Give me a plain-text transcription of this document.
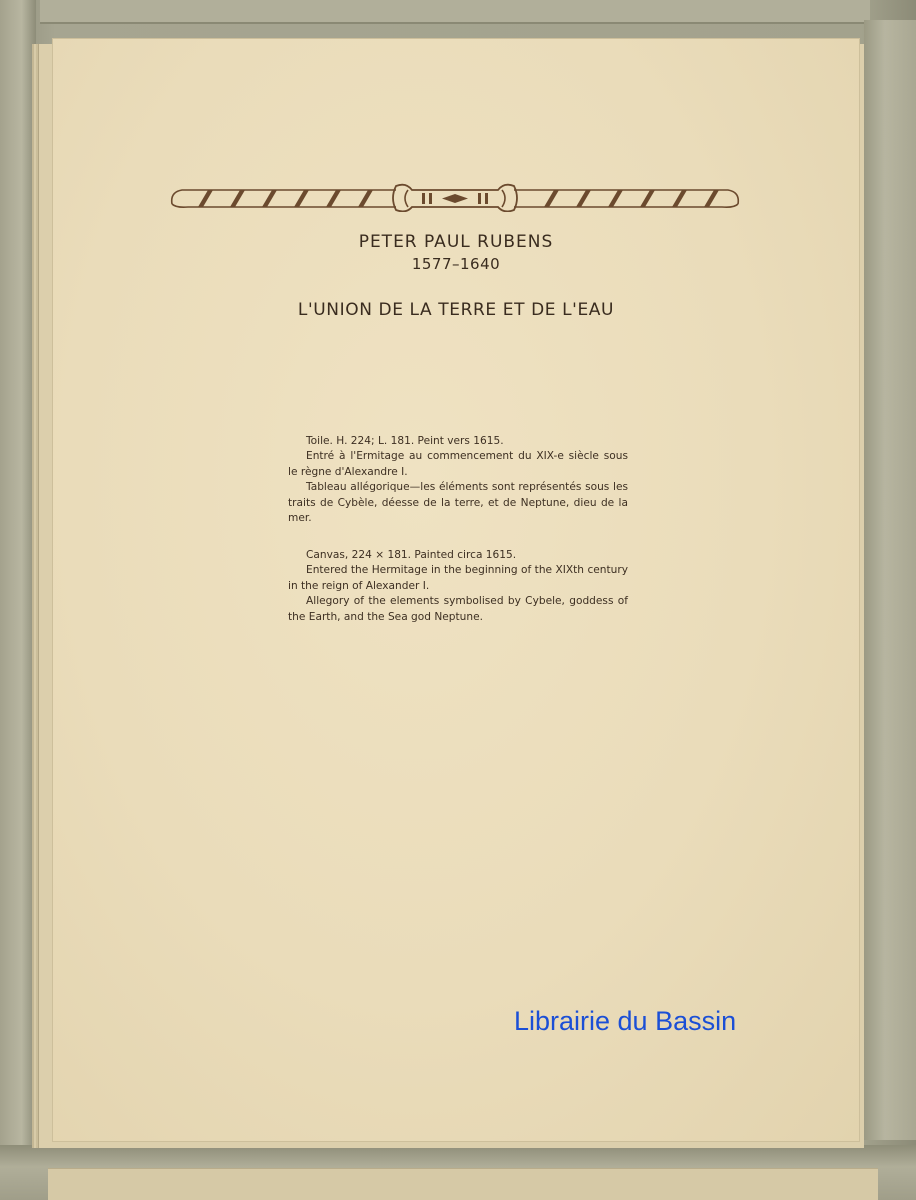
PETER PAUL RUBENS
1577–1640
L'UNION DE LA TERRE ET DE L'EAU

Toile. H. 224; L. 181. Peint vers 1615.

Entré à l'Ermitage au commencement du XIX-e siècle sous le règne d'Alexandre I.

Tableau allégorique—les éléments sont représentés sous les traits de Cybèle, déesse de la terre, et de Neptune, dieu de la mer.

Canvas, 224 × 181. Painted circa 1615.

Entered the Hermitage in the beginning of the XIXth century in the reign of Alexander I.

Allegory of the elements symbolised by Cybele, goddess of the Earth, and the Sea god Neptune.

Librairie du Bassin
